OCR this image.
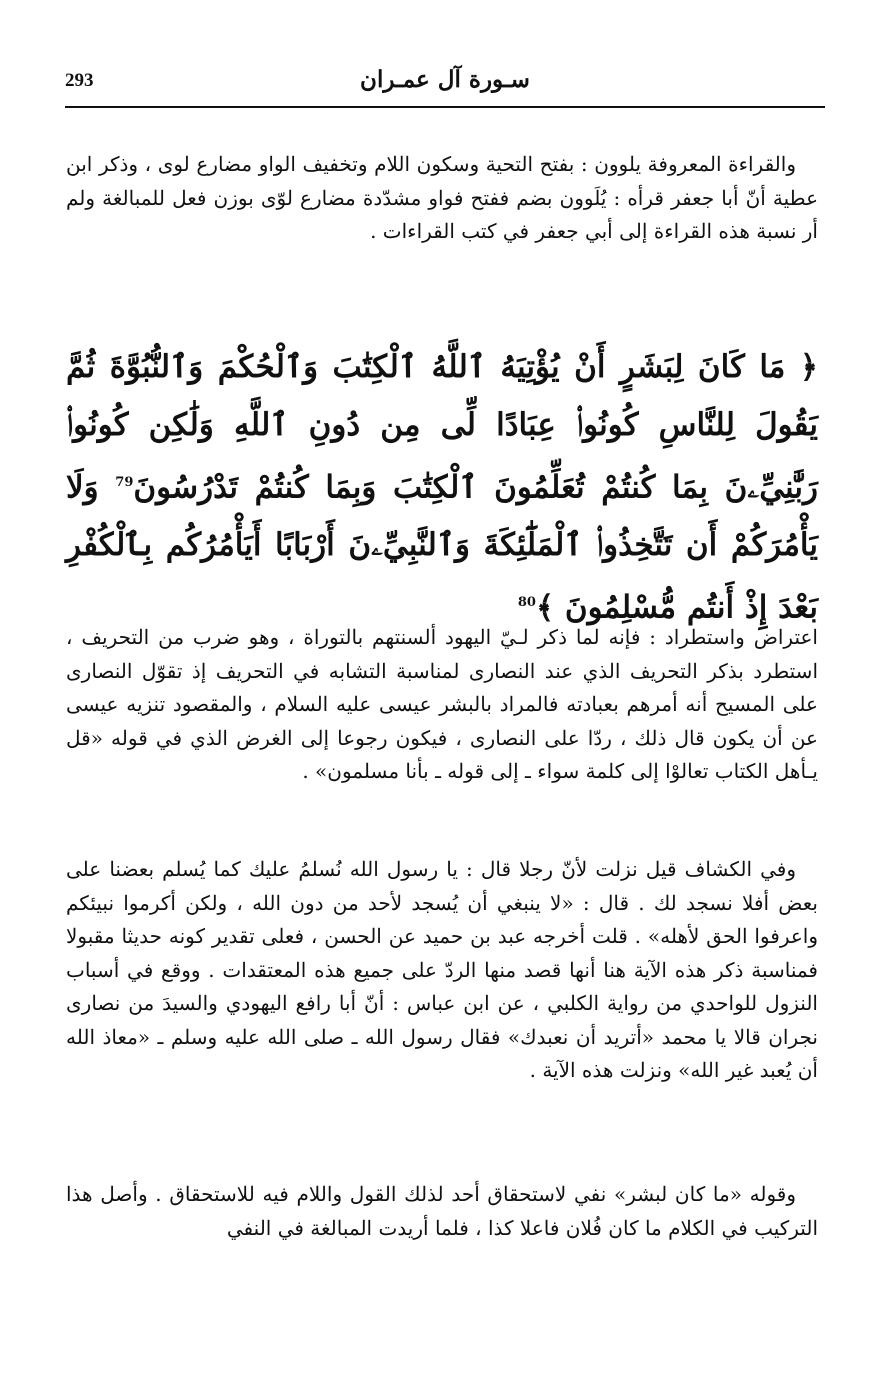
293	سـورة آل عمـران
والقراءة المعروفة يلوون : بفتح التحية وسكون اللام وتخفيف الواو مضارع لوى ، وذكر ابن عطية أنّ أبا جعفر قرأه : يُلَوون بضم ففتح فواو مشدّدة مضارع لوّى بوزن فعل للمبالغة ولم أر نسبة هذه القراءة إلى أبي جعفر في كتب القراءات .
﴿ مَا كَانَ لِبَشَرٍ أَنْ يُؤْتِيَهُ ٱللَّهُ ٱلْكِتَٰبَ وَٱلْحُكْمَ وَٱلنُّبُوَّةَ ثُمَّ يَقُولَ لِلنَّاسِ كُونُوا۟ عِبَادًا لِّى مِن دُونِ ٱللَّهِ وَلَٰكِن كُونُوا۟ رَبَّٰنِيِّۦنَ بِمَا كُنتُمْ تُعَلِّمُونَ ٱلْكِتَٰبَ وَبِمَا كُنتُمْ تَدْرُسُونَ$^{79}$ وَلَا يَأْمُرَكُمْ أَن تَتَّخِذُوا۟ ٱلْمَلَٰٓئِكَةَ وَٱلنَّبِيِّۦنَ أَرْبَابًا أَيَأْمُرُكُم بِٱلْكُفْرِ بَعْدَ إِذْ أَنتُم مُّسْلِمُونَ ﴾$^{80}$
اعتراض واستطراد : فإنه لما ذكر لـيّ اليهود ألسنتهم بالتوراة ، وهو ضرب من التحريف ، استطرد بذكر التحريف الذي عند النصارى لمناسبة التشابه في التحريف إذ تقوّل النصارى على المسيح أنه أمرهم بعبادته فالمراد بالبشر عيسى عليه السلام ، والمقصود تنزيه عيسى عن أن يكون قال ذلك ، ردّا على النصارى ، فيكون رجوعا إلى الغرض الذي في قوله «قل يـأهل الكتاب تعالوْا إلى كلمة سواء ـ إلى قوله ـ بأنا مسلمون» .
وفي الكشاف قيل نزلت لأنّ رجلا قال : يا رسول الله نُسلمُ عليك كما يُسلم بعضنا على بعض أفلا نسجد لك . قال : «لا ينبغي أن يُسجد لأحد من دون الله ، ولكن أكرموا نبيئكم واعرفوا الحق لأهله» . قلت أخرجه عبد بن حميد عن الحسن ، فعلى تقدير كونه حديثا مقبولا فمناسبة ذكر هذه الآية هنا أنها قصد منها الردّ على جميع هذه المعتقدات . ووقع في أسباب النزول للواحدي من رواية الكلبي ، عن ابن عباس : أنّ أبا رافع اليهودي والسيدَ من نصارى نجران قالا يا محمد «أتريد أن نعبدك» فقال رسول الله ـ صلى الله عليه وسلم ـ «معاذ الله أن يُعبد غير الله» ونزلت هذه الآية .
وقوله «ما كان لبشر» نفي لاستحقاق أحد لذلك القول واللام فيه للاستحقاق . وأصل هذا التركيب في الكلام ما كان فُلان فاعلا كذا ، فلما أريدت المبالغة في النفي
